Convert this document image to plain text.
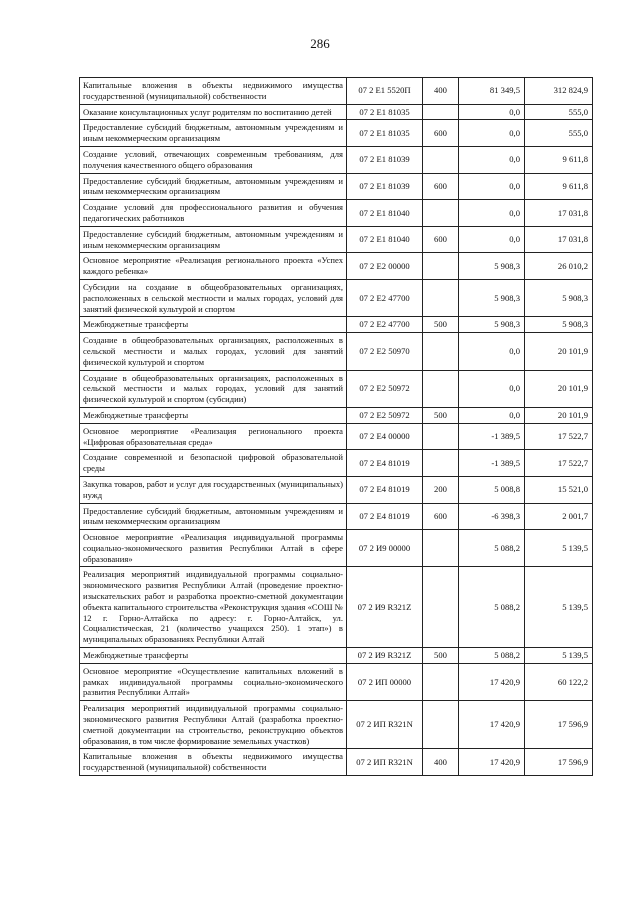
286
Капитальные вложения в объекты недвижимого имущества государственной (муниципальной) собственности	07 2 E1 5520П	400	81 349,5	312 824,9
Оказание консультационных услуг родителям по воспитанию детей	07 2 E1 81035		0,0	555,0
Предоставление субсидий бюджетным, автономным учреждениям и иным некоммерческим организациям	07 2 E1 81035	600	0,0	555,0
Создание условий, отвечающих современным требованиям, для получения качественного общего образования	07 2 E1 81039		0,0	9 611,8
Предоставление субсидий бюджетным, автономным учреждениям и иным некоммерческим организациям	07 2 E1 81039	600	0,0	9 611,8
Создание условий для профессионального развития и обучения педагогических работников	07 2 E1 81040		0,0	17 031,8
Предоставление субсидий бюджетным, автономным учреждениям и иным некоммерческим организациям	07 2 E1 81040	600	0,0	17 031,8
Основное мероприятие «Реализация регионального проекта «Успех каждого ребенка»	07 2 E2 00000		5 908,3	26 010,2
Субсидии на создание в общеобразовательных организациях, расположенных в сельской местности и малых городах, условий для занятий физической культурой и спортом	07 2 E2 47700		5 908,3	5 908,3
Межбюджетные трансферты	07 2 E2 47700	500	5 908,3	5 908,3
Создание в общеобразовательных организациях, расположенных в сельской местности и малых городах, условий для занятий физической культурой и спортом	07 2 E2 50970		0,0	20 101,9
Создание в общеобразовательных организациях, расположенных в сельской местности и малых городах, условий для занятий физической культурой и спортом (субсидии)	07 2 E2 50972		0,0	20 101,9
Межбюджетные трансферты	07 2 E2 50972	500	0,0	20 101,9
Основное мероприятие «Реализация регионального проекта «Цифровая образовательная среда»	07 2 E4 00000		-1 389,5	17 522,7
Создание современной и безопасной цифровой образовательной среды	07 2 E4 81019		-1 389,5	17 522,7
Закупка товаров, работ и услуг для государственных (муниципальных) нужд	07 2 E4 81019	200	5 008,8	15 521,0
Предоставление субсидий бюджетным, автономным учреждениям и иным некоммерческим организациям	07 2 E4 81019	600	-6 398,3	2 001,7
Основное мероприятие «Реализация индивидуальной программы социально-экономического развития Республики Алтай в сфере образования»	07 2 И9 00000		5 088,2	5 139,5
Реализация мероприятий индивидуальной программы социально-экономического развития Республики Алтай (проведение проектно-изыскательских работ и разработка проектно-сметной документации объекта капитального строительства «Реконструкция здания «СОШ № 12 г. Горно-Алтайска по адресу: г. Горно-Алтайск, ул. Социалистическая, 21 (количество учащихся 250). 1 этап») в муниципальных образованиях Республики Алтай	07 2 И9 R321Z		5 088,2	5 139,5
Межбюджетные трансферты	07 2 И9 R321Z	500	5 088,2	5 139,5
Основное мероприятие «Осуществление капитальных вложений в рамках индивидуальной программы социально-экономического развития Республики Алтай»	07 2 ИП 00000		17 420,9	60 122,2
Реализация мероприятий индивидуальной программы социально-экономического развития Республики Алтай (разработка проектно-сметной документации на строительство, реконструкцию объектов образования, в том числе формирование земельных участков)	07 2 ИП R321N		17 420,9	17 596,9
Капитальные вложения в объекты недвижимого имущества государственной (муниципальной) собственности	07 2 ИП R321N	400	17 420,9	17 596,9
